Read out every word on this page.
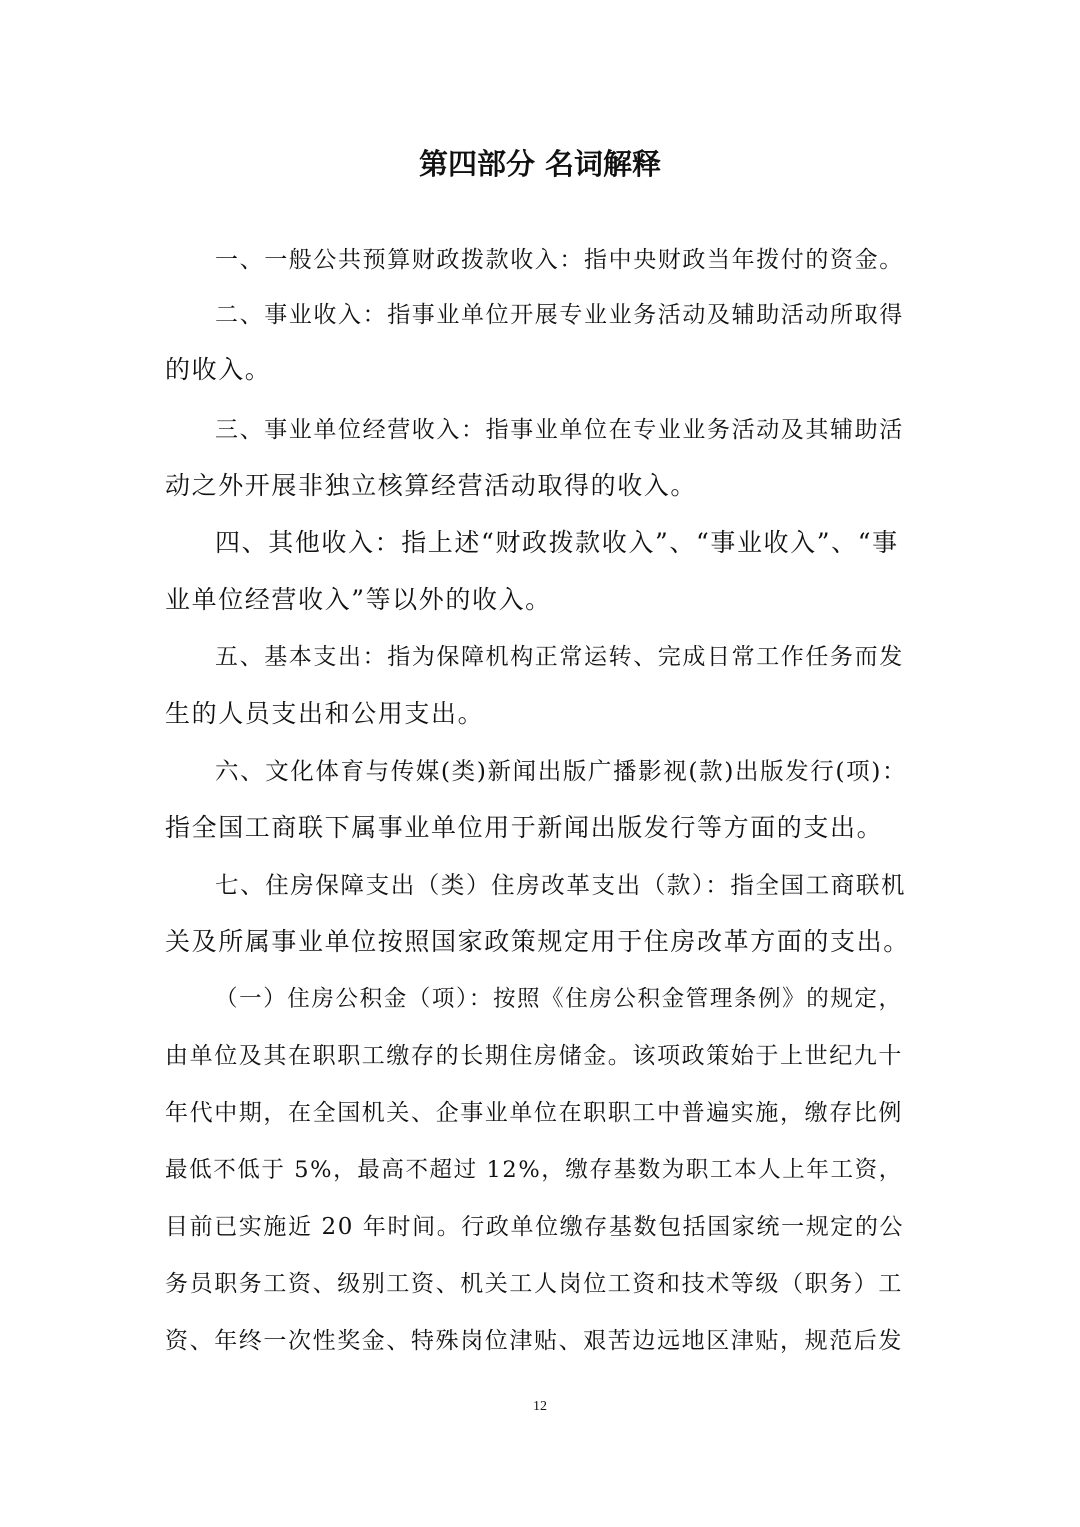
第四部分 名词解释
一、一般公共预算财政拨款收入：指中央财政当年拨付的资金。
二、事业收入：指事业单位开展专业业务活动及辅助活动所取得
的收入。
三、事业单位经营收入：指事业单位在专业业务活动及其辅助活
动之外开展非独立核算经营活动取得的收入。
四、其他收入：指上述“财政拨款收入”、“事业收入”、“事
业单位经营收入”等以外的收入。
五、基本支出：指为保障机构正常运转、完成日常工作任务而发
生的人员支出和公用支出。
六、文化体育与传媒(类)新闻出版广播影视(款)出版发行(项)：
指全国工商联下属事业单位用于新闻出版发行等方面的支出。
七、住房保障支出（类）住房改革支出（款）：指全国工商联机
关及所属事业单位按照国家政策规定用于住房改革方面的支出。
（一）住房公积金（项）：按照《住房公积金管理条例》的规定，
由单位及其在职职工缴存的长期住房储金。该项政策始于上世纪九十
年代中期，在全国机关、企事业单位在职职工中普遍实施，缴存比例
最低不低于 5%，最高不超过 12%，缴存基数为职工本人上年工资，
目前已实施近 20 年时间。行政单位缴存基数包括国家统一规定的公
务员职务工资、级别工资、机关工人岗位工资和技术等级（职务）工
资、年终一次性奖金、特殊岗位津贴、艰苦边远地区津贴，规范后发
12
